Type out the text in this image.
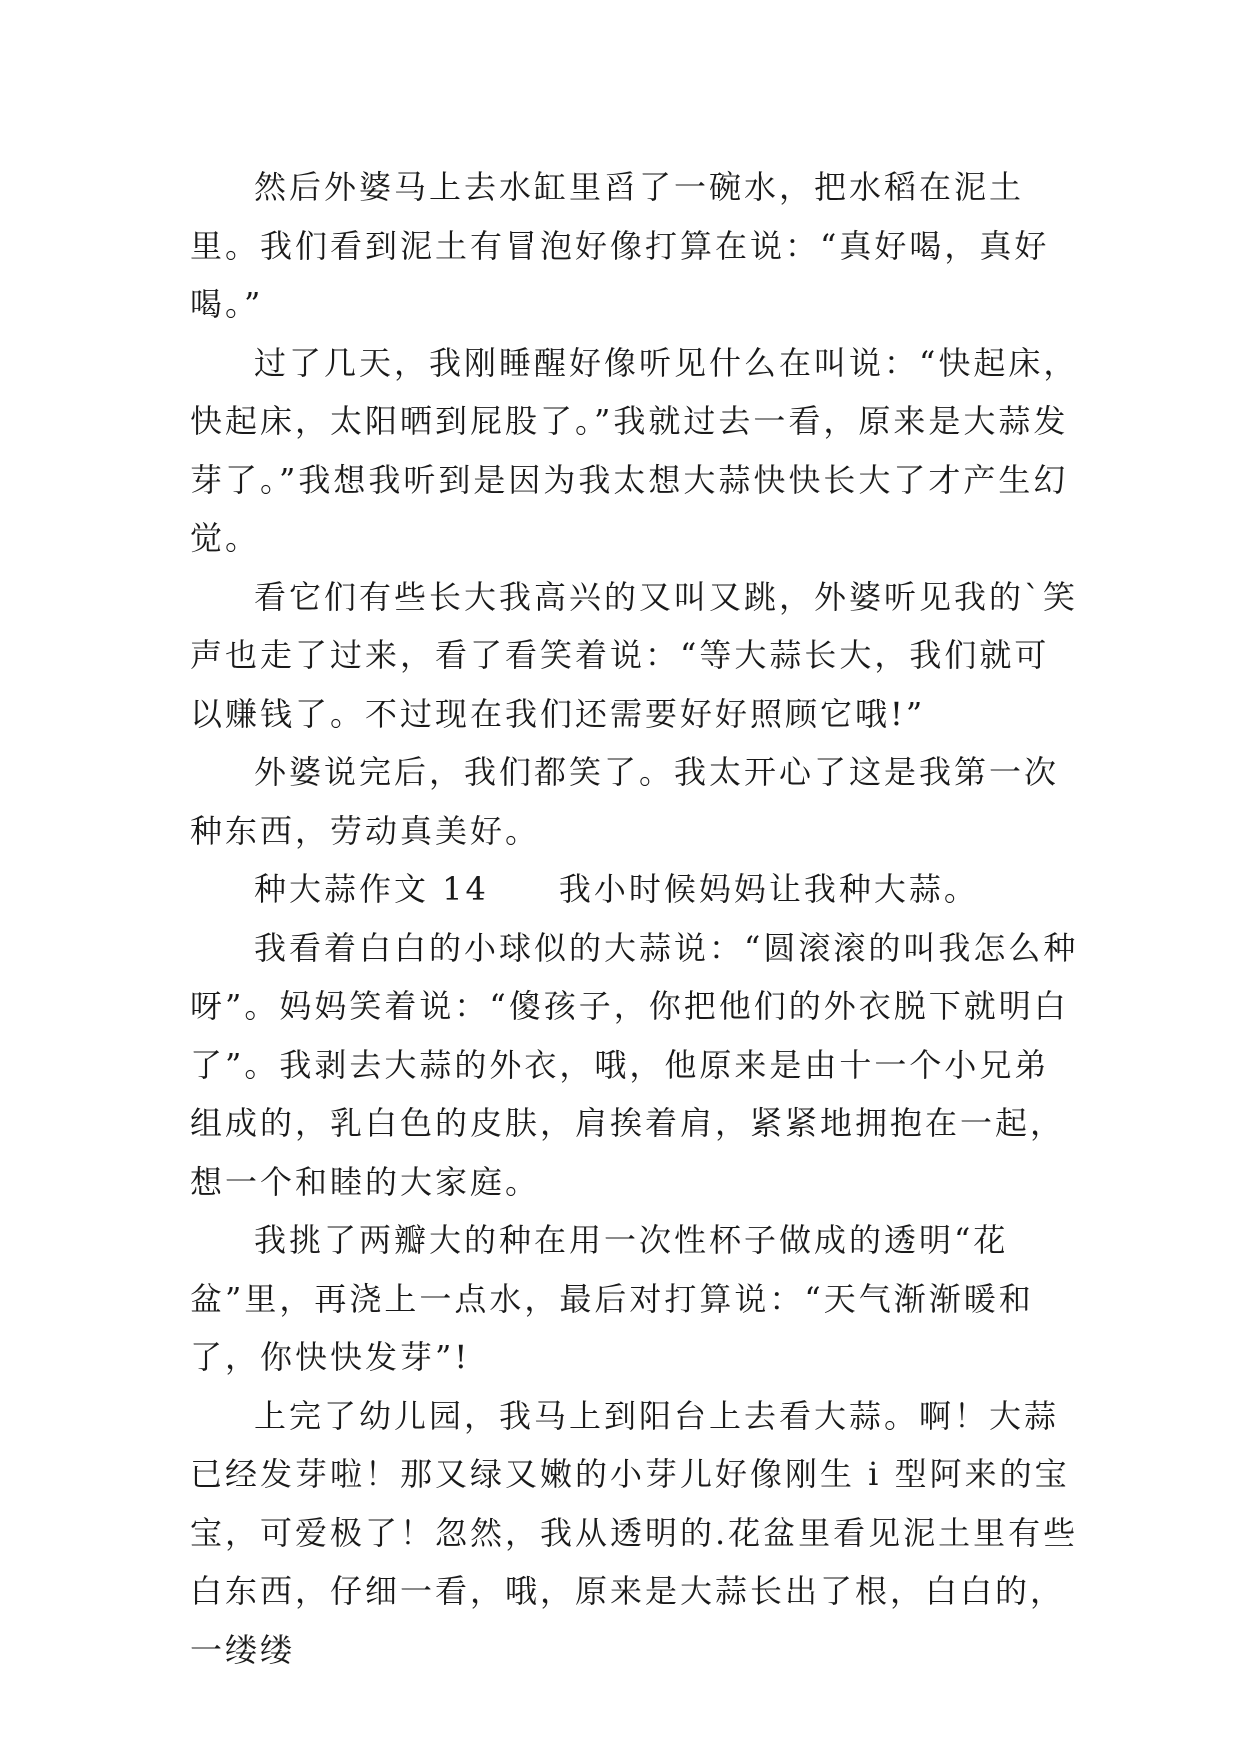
然后外婆马上去水缸里舀了一碗水，把水稻在泥土里。我们看到泥土有冒泡好像打算在说：“真好喝，真好喝。”

过了几天，我刚睡醒好像听见什么在叫说：“快起床，快起床，太阳晒到屁股了。”我就过去一看，原来是大蒜发芽了。”我想我听到是因为我太想大蒜快快长大了才产生幻觉。

看它们有些长大我高兴的又叫又跳，外婆听见我的`笑声也走了过来，看了看笑着说：“等大蒜长大，我们就可以赚钱了。不过现在我们还需要好好照顾它哦!”

外婆说完后，我们都笑了。我太开心了这是我第一次种东西，劳动真美好。

种大蒜作文 14　　我小时候妈妈让我种大蒜。

我看着白白的小球似的大蒜说：“圆滚滚的叫我怎么种呀”。妈妈笑着说：“傻孩子，你把他们的外衣脱下就明白了”。我剥去大蒜的外衣，哦，他原来是由十一个小兄弟组成的，乳白色的皮肤，肩挨着肩，紧紧地拥抱在一起，想一个和睦的大家庭。

我挑了两瓣大的种在用一次性杯子做成的透明“花盆”里，再浇上一点水，最后对打算说：“天气渐渐暖和了，你快快发芽”!

上完了幼儿园，我马上到阳台上去看大蒜。啊！大蒜已经发芽啦！那又绿又嫩的小芽儿好像刚生 i 型阿来的宝宝，可爱极了！忽然，我从透明的.花盆里看见泥土里有些白东西，仔细一看，哦，原来是大蒜长出了根，白白的，一缕缕
